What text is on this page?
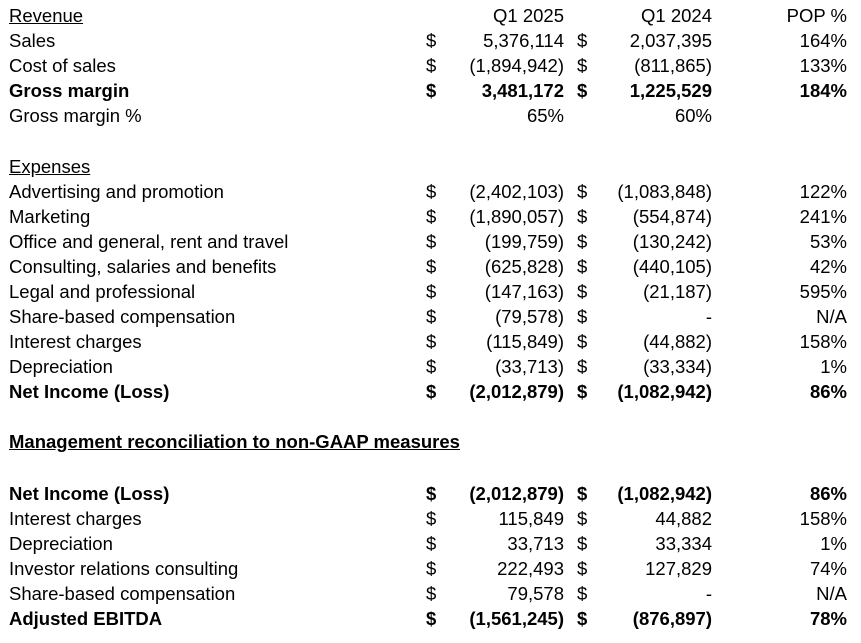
Revenue	Q1 2025	Q1 2024	POP %
Sales	$	5,376,114 $	2,037,395	164%
Cost of sales	$	(1,894,942) $	(811,865)	133%
Gross margin	$	3,481,172 $	1,225,529	184%
Gross margin %	65%	60%
Expenses
Advertising and promotion	$	(2,402,103) $	(1,083,848)	122%
Marketing	$	(1,890,057) $	(554,874)	241%
Office and general, rent and travel	$	(199,759) $	(130,242)	53%
Consulting, salaries and benefits	$	(625,828) $	(440,105)	42%
Legal and professional	$	(147,163) $	(21,187)	595%
Share-based compensation	$	(79,578) $	-	N/A
Interest charges	$	(115,849) $	(44,882)	158%
Depreciation	$	(33,713) $	(33,334)	1%
Net Income (Loss)	$	(2,012,879) $	(1,082,942)	86%
Management reconciliation to non-GAAP measures
Net Income (Loss)	$	(2,012,879) $	(1,082,942)	86%
Interest charges	$	115,849 $	44,882	158%
Depreciation	$	33,713 $	33,334	1%
Investor relations consulting	$	222,493 $	127,829	74%
Share-based compensation	$	79,578 $	-	N/A
Adjusted EBITDA	$	(1,561,245) $	(876,897)	78%
